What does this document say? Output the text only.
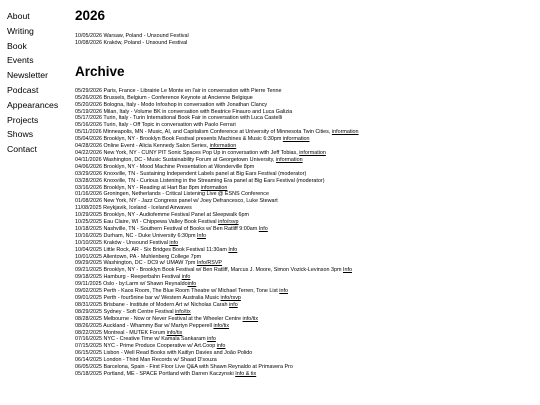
About
Writing
Book
Events
Newsletter
Podcast
Appearances
Projects
Shows
Contact
2026
10/05/2026 Warsaw, Poland - Unsound Festival
10/08/2026 Kraków, Poland - Unsound Festival
Archive
05/29/2026 Paris, France - Librairie Le Monte en l'air in conversation with Pierre Tenne
05/26/2026 Brussels, Belgium - Conference Keynote at Ancienne Belgique
05/20/2026 Bologna, Italy - Modo Infoshop in conversation with Jonathan Clancy
05/19/2026 Milan, Italy - Volume BK in conversation with Beatrice Finauro and Luca Galizia
05/17/2026 Turin, Italy - Turin International Book Fair in conversation with Luca Castelli
05/16/2026 Turin, Italy - Off Topic in conversation with Paolo Ferrari
05/11/2026 Minneapolis, MN - Music, AI, and Capitalism Conference at University of Minnesota Twin Cities, information
05/04/2026 Brooklyn, NY - Brooklyn Book Festival presents Machines & Music 6:30pm information
04/28/2026 Online Event - Alicia Kennedy Salon Series, information
04/22/2026 New York, NY - CUNY PIT Sonic Spaces Pop Up in conversation with Jeff Tobias, information
04/11/2026 Washington, DC - Music Sustainability Forum at Georgetown University, information
04/06/2026 Brooklyn, NY - Mood Machine Presentation at Wonderville 8pm
03/29/2026 Knoxville, TN - Sustaining Independent Labels panel at Big Ears Festival (moderator)
03/28/2026 Knoxville, TN - Curious Listening in the Streaming Era panel at Big Ears Festival (moderator)
03/16/2026 Brooklyn, NY - Reading at Hart Bar 8pm information
01/16/2026 Groningen, Netherlands - Critical Listening Live @ ESNS Conference
01/08/2026 New York, NY - Jazz Congress panel w/ Joey Defrancesco, Luke Stewart
11/08/2025 Reykjavik, Iceland - Iceland Airwaves
10/29/2025 Brooklyn, NY - Audiofemme Festival Panel at Sleepwalk 6pm
10/25/2025 Eau Claire, WI - Chippewa Valley Book Festival info/rsvp
10/18/2025 Nashville, TN - Southern Festival of Books w/ Ben Ratliff 9:00am Info
10/16/2025 Durham, NC - Duke University 6:30pm Info
10/10/2025 Kraków - Unsound Festival info
10/04/2025 Little Rock, AR - Six Bridges Book Festival 11:30am Info
10/01/2025 Allentown, PA - Muhlenberg College 7pm
09/29/2025 Washington, DC - DC9 w/ UMAW 7pm Info/RSVP
09/21/2025 Brooklyn, NY - Brooklyn Book Festival w/ Ben Ratliff, Marcus J. Moore, Simon Vozick-Levinson 3pm Info
09/18/2025 Hamburg - Reeperbahn Festival info
09/11/2025 Oslo - by:Larm w/ Shawn Reynaldoinfo
09/02/2025 Perth - Kaos Room, The Blue Room Theatre w/ Michael Terren, Tone List info
09/01/2025 Perth - four5nine bar w/ Western Australia Music info/rsvp
08/31/2025 Brisbane - Institute of Modern Art w/ Nicholas Carah info
08/29/2025 Sydney - Soft Centre Festival info/tix
08/28/2025 Melbourne - Now or Never Festival at the Wheeler Centre info/tix
08/26/2025 Auckland - Whammy Bar w/ Martyn Pepperell info/tix
08/22/2025 Montreal - MUTEK Forum info/tix
07/16/2025 NYC - Creative Time w/ Kamala Sankaram info
07/15/2025 NYC - Prime Produce Cooperative w/ Art.Coop info
06/15/2025 Lisbon - Well Read Books with Kaitlyn Davies and João Polido
06/14/2025 London - Third Man Records w/ Shaad D'souza
06/05/2025 Barcelona, Spain - First Floor Live Q&A with Shawn Reynaldo at Primavera Pro
05/18/2025 Portland, ME - SPACE Portland with Darren Kaczynski Info & tix
